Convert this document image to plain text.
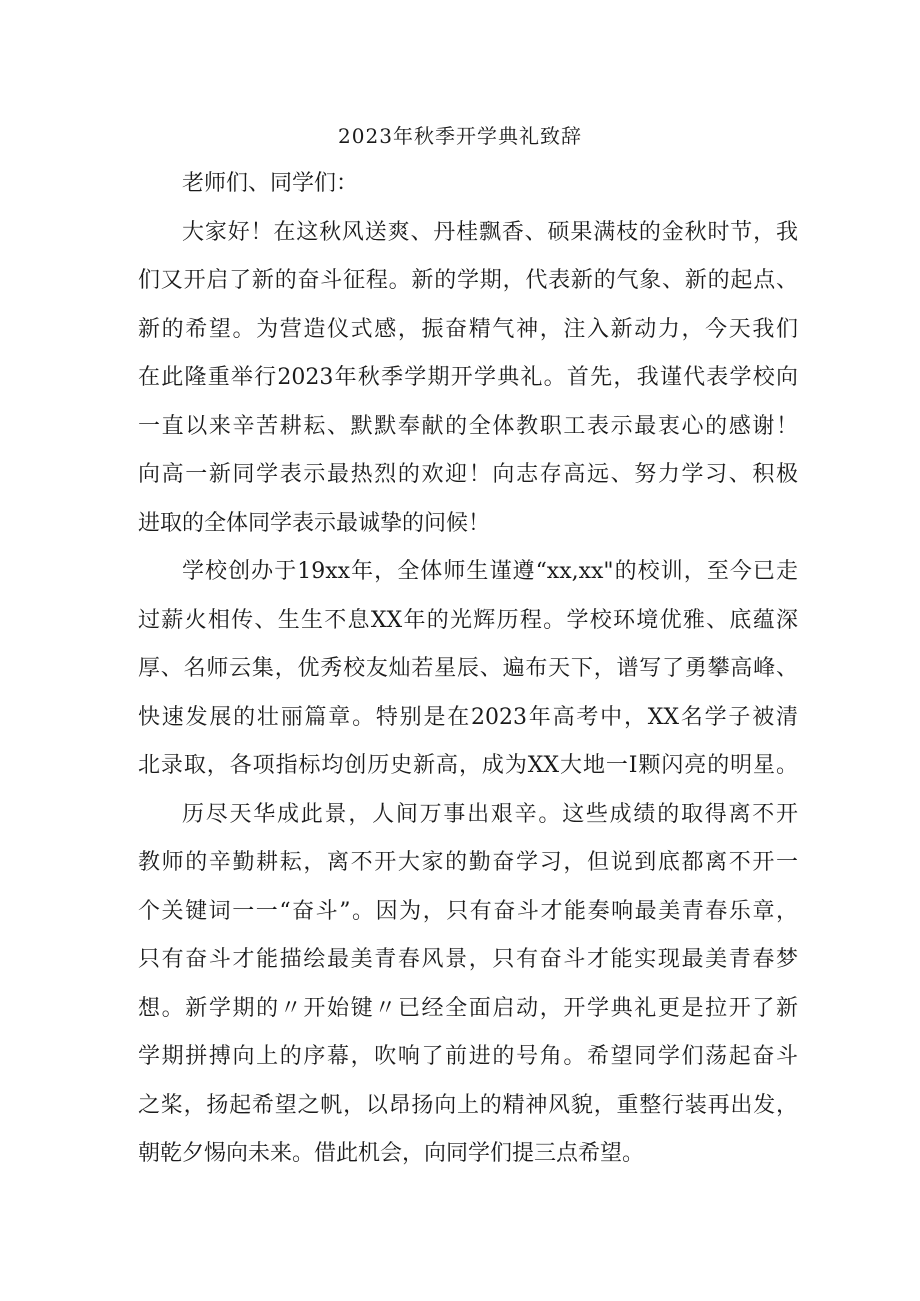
2023年秋季开学典礼致辞
老师们、同学们：
大家好！在这秋风送爽、丹桂飘香、硕果满枝的金秋时节，我
们又开启了新的奋斗征程。新的学期，代表新的气象、新的起点、
新的希望。为营造仪式感，振奋精气神，注入新动力，今天我们
在此隆重举行2023年秋季学期开学典礼。首先，我谨代表学校向
一直以来辛苦耕耘、默默奉献的全体教职工表示最衷心的感谢！
向高一新同学表示最热烈的欢迎！向志存高远、努力学习、积极
进取的全体同学表示最诚挚的问候！
学校创办于19xx年，全体师生谨遵“xx,xx"的校训，至今已走
过薪火相传、生生不息XX年的光辉历程。学校环境优雅、底蕴深
厚、名师云集，优秀校友灿若星辰、遍布天下，谱写了勇攀高峰、
快速发展的壮丽篇章。特别是在2023年高考中，XX名学子被清
北录取，各项指标均创历史新高，成为XX大地一I颗闪亮的明星。
历尽天华成此景，人间万事出艰辛。这些成绩的取得离不开
教师的辛勤耕耘，离不开大家的勤奋学习，但说到底都离不开一
个关键词一一“奋斗”。因为，只有奋斗才能奏响最美青春乐章，
只有奋斗才能描绘最美青春风景，只有奋斗才能实现最美青春梦
想。新学期的〃开始键〃已经全面启动，开学典礼更是拉开了新
学期拼搏向上的序幕，吹响了前进的号角。希望同学们荡起奋斗
之桨，扬起希望之帆，以昂扬向上的精神风貌，重整行装再出发，
朝乾夕惕向未来。借此机会，向同学们提三点希望。
